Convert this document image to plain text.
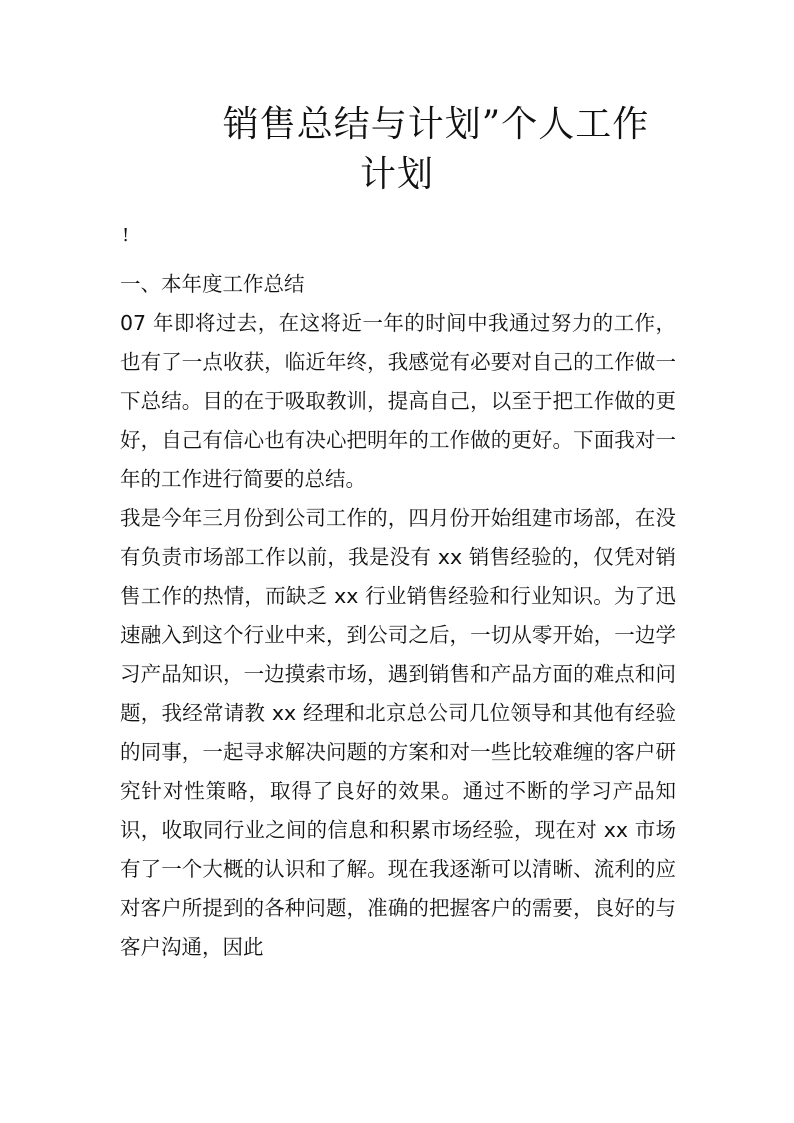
销售总结与计划”个人工作
计划
!

一、本年度工作总结

07 年即将过去，在这将近一年的时间中我通过努力的工作，也有了一点收获，临近年终，我感觉有必要对自己的工作做一下总结。目的在于吸取教训，提高自己，以至于把工作做的更好，自己有信心也有决心把明年的工作做的更好。下面我对一年的工作进行简要的总结。

我是今年三月份到公司工作的，四月份开始组建市场部，在没有负责市场部工作以前，我是没有 xx 销售经验的，仅凭对销售工作的热情，而缺乏 xx 行业销售经验和行业知识。为了迅速融入到这个行业中来，到公司之后，一切从零开始，一边学习产品知识，一边摸索市场，遇到销售和产品方面的难点和问题，我经常请教 xx 经理和北京总公司几位领导和其他有经验的同事，一起寻求解决问题的方案和对一些比较难缠的客户研究针对性策略，取得了良好的效果。通过不断的学习产品知识，收取同行业之间的信息和积累市场经验，现在对 xx 市场有了一个大概的认识和了解。现在我逐渐可以清晰、流利的应对客户所提到的各种问题，准确的把握客户的需要，良好的与客户沟通，因此
